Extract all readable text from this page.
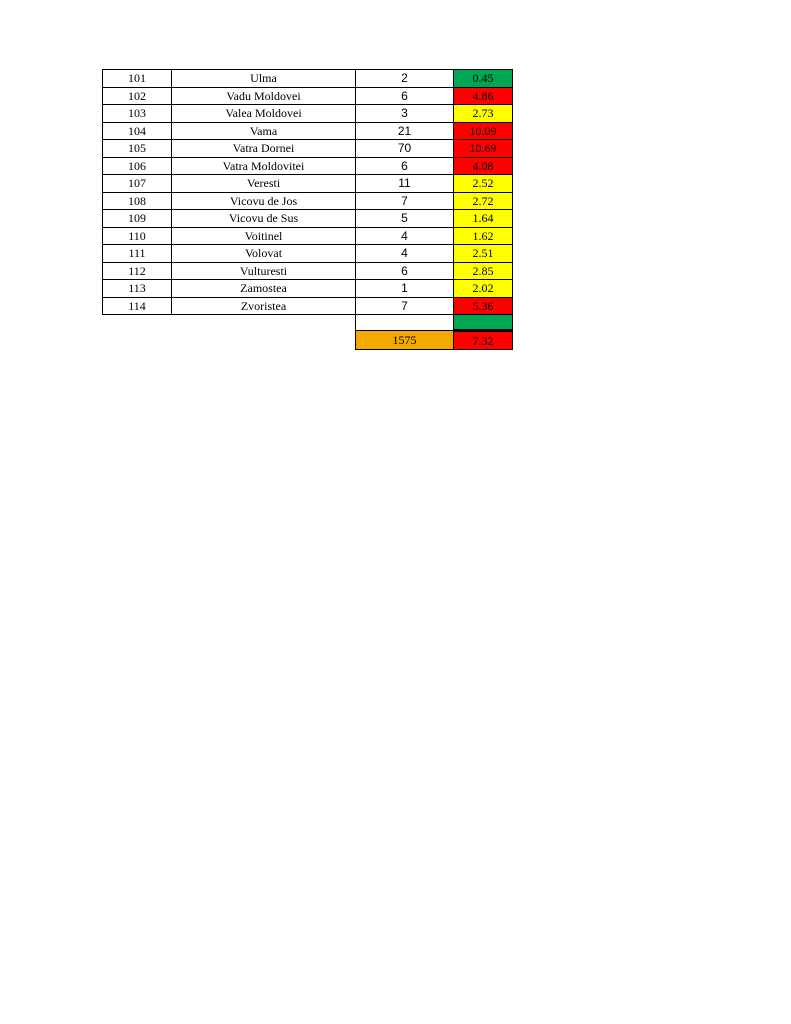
101	Ulma	2	0.45
102	Vadu Moldovei	6	4.86
103	Valea Moldovei	3	2.73
104	Vama	21	10.09
105	Vatra Dornei	70	10.69
106	Vatra Moldovitei	6	4.08
107	Veresti	11	2.52
108	Vicovu de Jos	7	2.72
109	Vicovu de Sus	5	1.64
110	Voitinel	4	1.62
111	Volovat	4	2.51
112	Vulturesti	6	2.85
113	Zamostea	1	2.02
114	Zvoristea	7	5.36

		1575	7.32
